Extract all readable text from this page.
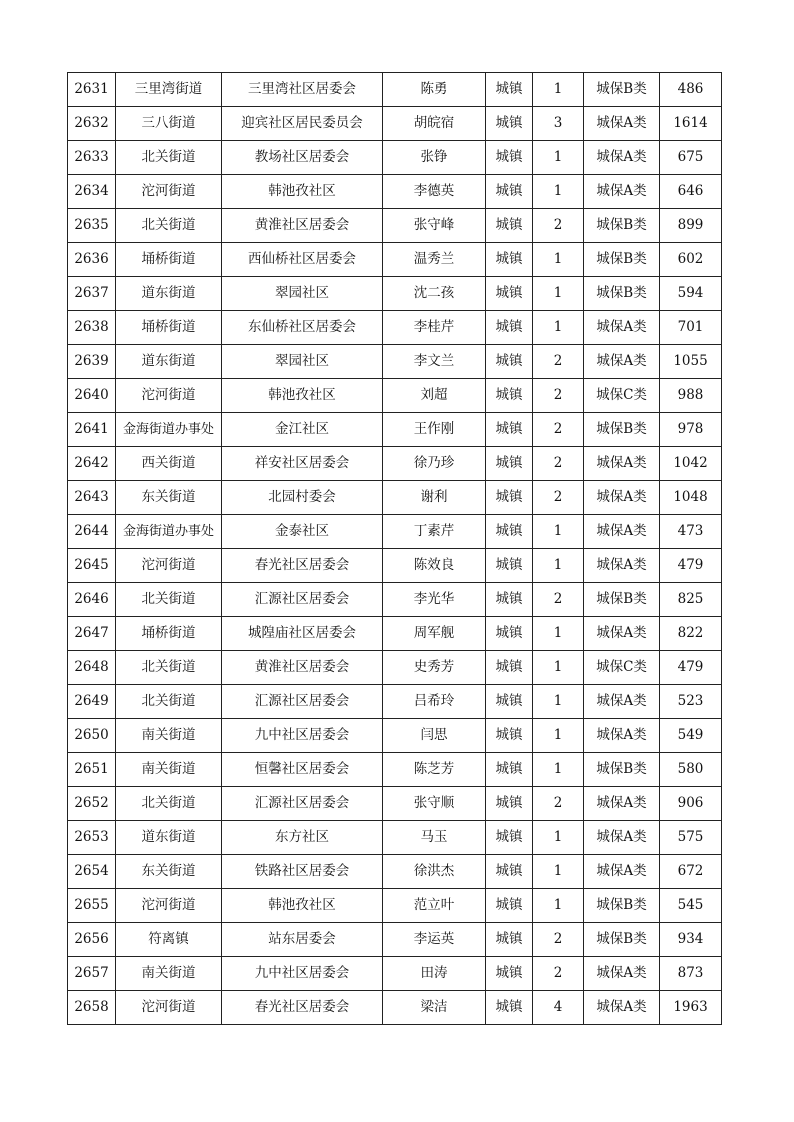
2631	三里湾街道	三里湾社区居委会	陈勇	城镇	1	城保B类	486
2632	三八街道	迎宾社区居民委员会	胡皖宿	城镇	3	城保A类	1614
2633	北关街道	教场社区居委会	张铮	城镇	1	城保A类	675
2634	沱河街道	韩池孜社区	李德英	城镇	1	城保A类	646
2635	北关街道	黄淮社区居委会	张守峰	城镇	2	城保B类	899
2636	埇桥街道	西仙桥社区居委会	温秀兰	城镇	1	城保B类	602
2637	道东街道	翠园社区	沈二孩	城镇	1	城保B类	594
2638	埇桥街道	东仙桥社区居委会	李桂芹	城镇	1	城保A类	701
2639	道东街道	翠园社区	李文兰	城镇	2	城保A类	1055
2640	沱河街道	韩池孜社区	刘超	城镇	2	城保C类	988
2641	金海街道办事处	金江社区	王作刚	城镇	2	城保B类	978
2642	西关街道	祥安社区居委会	徐乃珍	城镇	2	城保A类	1042
2643	东关街道	北园村委会	谢利	城镇	2	城保A类	1048
2644	金海街道办事处	金泰社区	丁素芹	城镇	1	城保A类	473
2645	沱河街道	春光社区居委会	陈效良	城镇	1	城保A类	479
2646	北关街道	汇源社区居委会	李光华	城镇	2	城保B类	825
2647	埇桥街道	城隍庙社区居委会	周军舰	城镇	1	城保A类	822
2648	北关街道	黄淮社区居委会	史秀芳	城镇	1	城保C类	479
2649	北关街道	汇源社区居委会	吕希玲	城镇	1	城保A类	523
2650	南关街道	九中社区居委会	闫思	城镇	1	城保A类	549
2651	南关街道	恒馨社区居委会	陈芝芳	城镇	1	城保B类	580
2652	北关街道	汇源社区居委会	张守顺	城镇	2	城保A类	906
2653	道东街道	东方社区	马玉	城镇	1	城保A类	575
2654	东关街道	铁路社区居委会	徐洪杰	城镇	1	城保A类	672
2655	沱河街道	韩池孜社区	范立叶	城镇	1	城保B类	545
2656	符离镇	站东居委会	李运英	城镇	2	城保B类	934
2657	南关街道	九中社区居委会	田涛	城镇	2	城保A类	873
2658	沱河街道	春光社区居委会	梁洁	城镇	4	城保A类	1963
